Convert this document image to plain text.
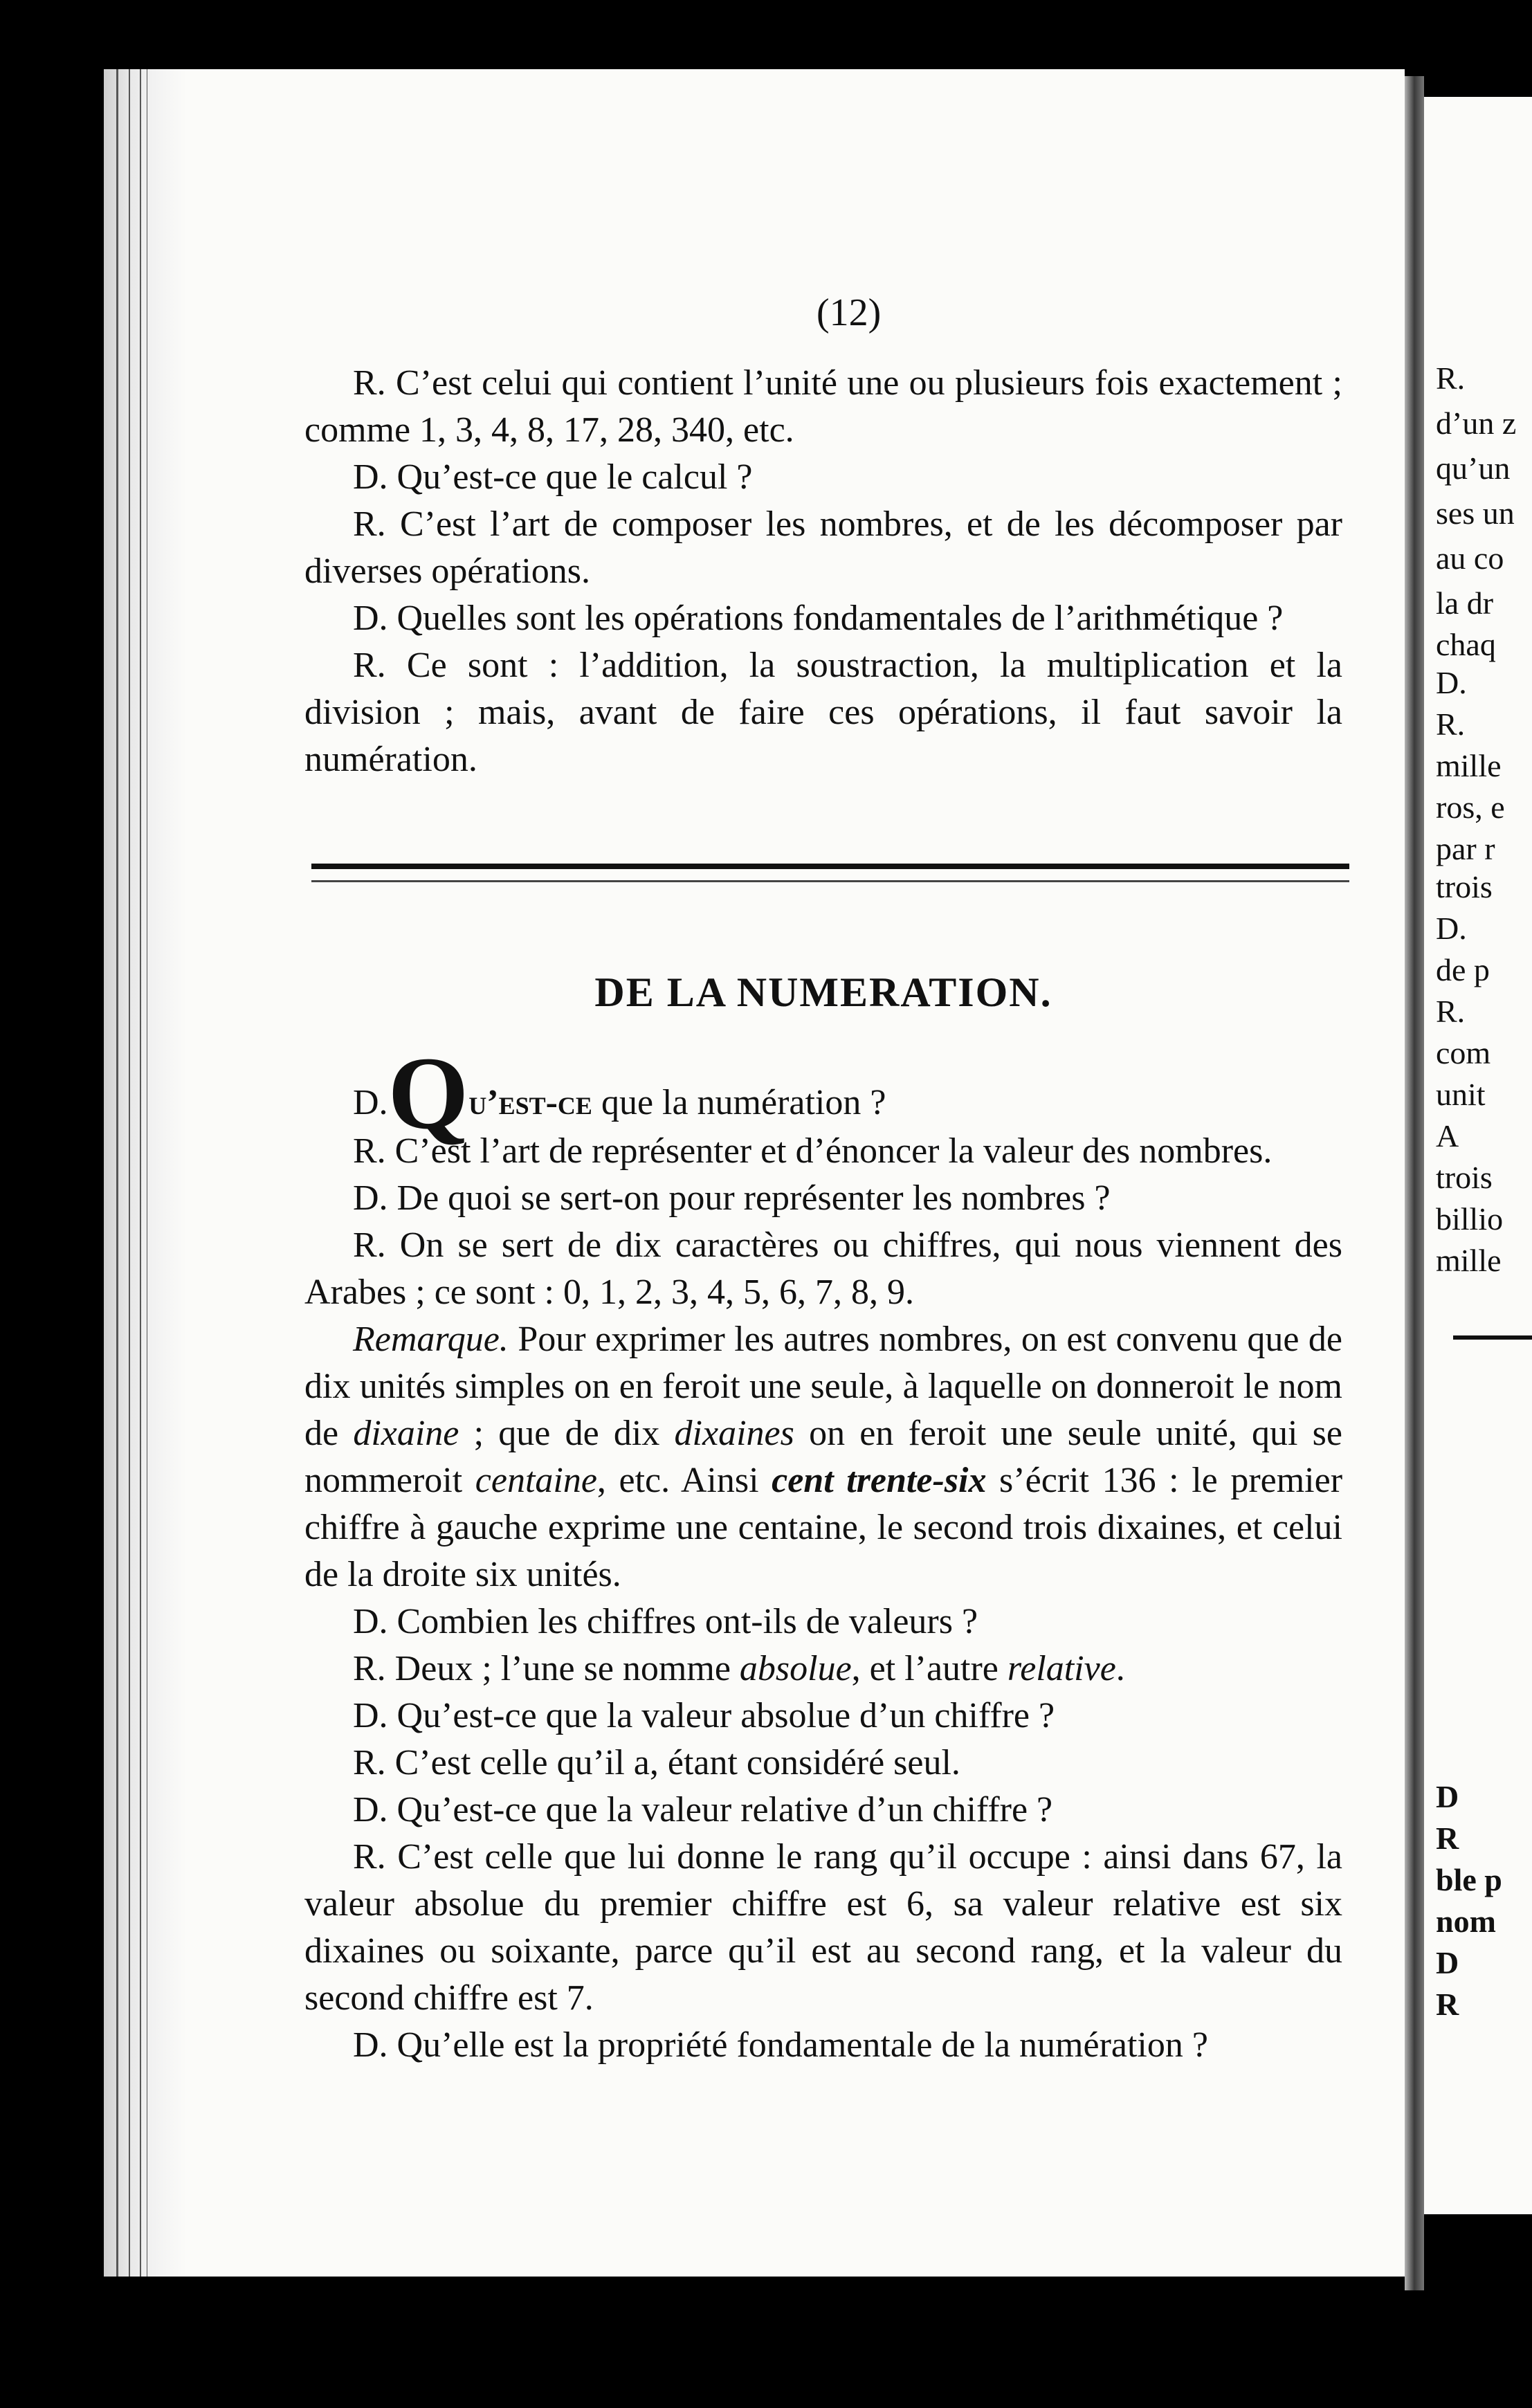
(12)

R. C’est celui qui contient l’unité une ou plusieurs fois exactement ; comme 1, 3, 4, 8, 17, 28, 340, etc.

D. Qu’est-ce que le calcul ?

R. C’est l’art de composer les nombres, et de les décomposer par diverses opérations.

D. Quelles sont les opérations fondamentales de l’arithmétique ?

R. Ce sont : l’addition, la soustraction, la multiplication et la division ; mais, avant de faire ces opérations, il faut savoir la numération.

DE LA NUMERATION.

D.Qu’est-ce que la numération ?

R. C’est l’art de représenter et d’énoncer la valeur des nombres.

D. De quoi se sert-on pour représenter les nombres ?

R. On se sert de dix caractères ou chiffres, qui nous viennent des Arabes ; ce sont : 0, 1, 2, 3, 4, 5, 6, 7, 8, 9.

Remarque. Pour exprimer les autres nombres, on est convenu que de dix unités simples on en feroit une seule, à laquelle on donneroit le nom de dixaine ; que de dix dixaines on en feroit une seule unité, qui se nommeroit centaine, etc. Ainsi cent trente-six s’écrit 136 : le premier chiffre à gauche exprime une centaine, le second trois dixaines, et celui de la droite six unités.

D. Combien les chiffres ont-ils de valeurs ?

R. Deux ; l’une se nomme absolue, et l’autre relative.

D. Qu’est-ce que la valeur absolue d’un chiffre ?

R. C’est celle qu’il a, étant considéré seul.

D. Qu’est-ce que la valeur relative d’un chiffre ?

R. C’est celle que lui donne le rang qu’il occupe : ainsi dans 67, la valeur absolue du premier chiffre est 6, sa valeur relative est six dixaines ou soixante, parce qu’il est au second rang, et la valeur du second chiffre est 7.

D. Qu’elle est la propriété fondamentale de la numération ?

R.
d’un z
qu’un
ses un
au co
la dr
chaq
D.
R.
mille
ros, e
par r
trois
D.
de p
R.
com
unit
A
trois
billio
mille
D
R
ble p
nom
D
R
